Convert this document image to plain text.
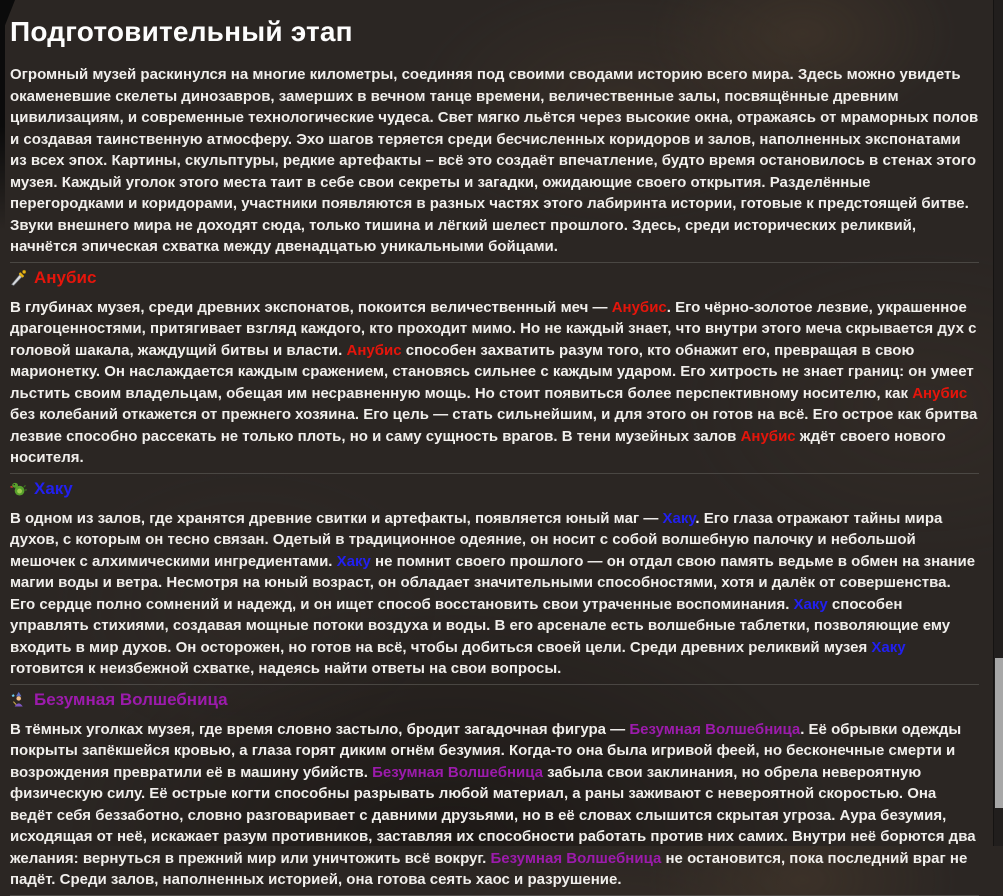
Подготовительный этап

Огромный музей раскинулся на многие километры, соединяя под своими сводами историю всего мира. Здесь можно увидеть окаменевшие скелеты динозавров, замерших в вечном танце времени, величественные залы, посвящённые древним цивилизациям, и современные технологические чудеса. Свет мягко льётся через высокие окна, отражаясь от мраморных полов и создавая таинственную атмосферу. Эхо шагов теряется среди бесчисленных коридоров и залов, наполненных экспонатами из всех эпох. Картины, скульптуры, редкие артефакты – всё это создаёт впечатление, будто время остановилось в стенах этого музея. Каждый уголок этого места таит в себе свои секреты и загадки, ожидающие своего открытия. Разделённые перегородками и коридорами, участники появляются в разных частях этого лабиринта истории, готовые к предстоящей битве. Звуки внешнего мира не доходят сюда, только тишина и лёгкий шелест прошлого. Здесь, среди исторических реликвий, начнётся эпическая схватка между двенадцатью уникальными бойцами.

Анубис

В глубинах музея, среди древних экспонатов, покоится величественный меч — Анубис. Его чёрно-золотое лезвие, украшенное драгоценностями, притягивает взгляд каждого, кто проходит мимо. Но не каждый знает, что внутри этого меча скрывается дух с головой шакала, жаждущий битвы и власти. Анубис способен захватить разум того, кто обнажит его, превращая в свою марионетку. Он наслаждается каждым сражением, становясь сильнее с каждым ударом. Его хитрость не знает границ: он умеет льстить своим владельцам, обещая им несравненную мощь. Но стоит появиться более перспективному носителю, как Анубис без колебаний откажется от прежнего хозяина. Его цель — стать сильнейшим, и для этого он готов на всё. Его острое как бритва лезвие способно рассекать не только плоть, но и саму сущность врагов. В тени музейных залов Анубис ждёт своего нового носителя.

Хаку

В одном из залов, где хранятся древние свитки и артефакты, появляется юный маг — Хаку. Его глаза отражают тайны мира духов, с которым он тесно связан. Одетый в традиционное одеяние, он носит с собой волшебную палочку и небольшой мешочек с алхимическими ингредиентами. Хаку не помнит своего прошлого — он отдал свою память ведьме в обмен на знание магии воды и ветра. Несмотря на юный возраст, он обладает значительными способностями, хотя и далёк от совершенства. Его сердце полно сомнений и надежд, и он ищет способ восстановить свои утраченные воспоминания. Хаку способен управлять стихиями, создавая мощные потоки воздуха и воды. В его арсенале есть волшебные таблетки, позволяющие ему входить в мир духов. Он осторожен, но готов на всё, чтобы добиться своей цели. Среди древних реликвий музея Хаку готовится к неизбежной схватке, надеясь найти ответы на свои вопросы.

Безумная Волшебница

В тёмных уголках музея, где время словно застыло, бродит загадочная фигура — Безумная Волшебница. Её обрывки одежды покрыты запёкшейся кровью, а глаза горят диким огнём безумия. Когда-то она была игривой феей, но бесконечные смерти и возрождения превратили её в машину убийств. Безумная Волшебница забыла свои заклинания, но обрела невероятную физическую силу. Её острые когти способны разрывать любой материал, а раны заживают с невероятной скоростью. Она ведёт себя беззаботно, словно разговаривает с давними друзьями, но в её словах слышится скрытая угроза. Аура безумия, исходящая от неё, искажает разум противников, заставляя их способности работать против них самих. Внутри неё борются два желания: вернуться в прежний мир или уничтожить всё вокруг. Безумная Волшебница не остановится, пока последний враг не падёт. Среди залов, наполненных историей, она готова сеять хаос и разрушение.
